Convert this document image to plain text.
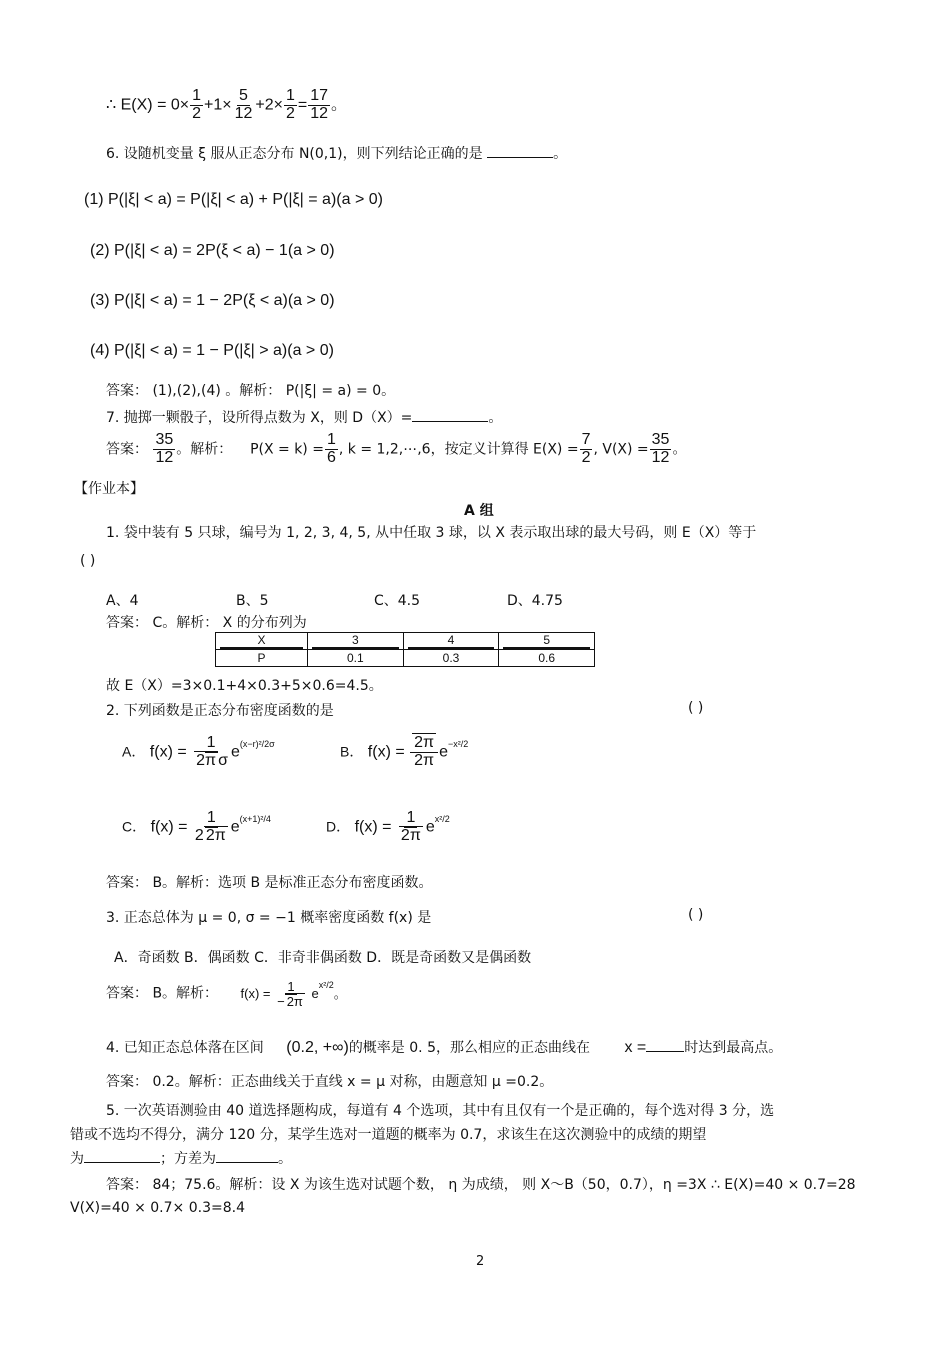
∴ $E(X) = 0\times \frac{1}{2} +1\times \frac{5}{12} +2\times \frac{1}{2} = \frac{17}{12}$ 。
6. 设随机变量 ξ 服从正态分布 N(0,1)，则下列结论正确的是	。
(1) P(|ξ| < a) = P(|ξ| < a) + P(|ξ| = a)(a > 0)
(2) P(|ξ| < a) = 2P(ξ < a) − 1(a > 0)
(3) P(|ξ| < a) = 1 − 2P(ξ < a)(a > 0)
(4) P(|ξ| < a) = 1 − P(|ξ| > a)(a > 0)
答案： (1),(2),(4) 。解析： P(|ξ| = a) = 0。
7. 抛掷一颗骰子，设所得点数为 X，则 D（X）=	。
答案： $\frac{35}{12}$ 。解析： $P(X = k) = \frac{1}{6}$ , k = 1,2,⋯,6，按定义计算得 $E(X) = \frac{7}{2}$ , $V(X) = \frac{35}{12}$ 。
【作业本】
A 组
1. 袋中装有 5 只球，编号为 1, 2, 3, 4, 5, 从中任取 3 球，以 X 表示取出球的最大号码，则 E（X）等于
( )
A、4	B、5	C、4.5	D、4.75
答案： C。解析： X 的分布列为
X	3	4	5

P	0.1	0.3	0.6
故 E（X）=3×0.1+4×0.3+5×0.6=4.5。
2. 下列函数是正态分布密度函数的是	( )
A． $f(x) = \frac{1}{\text{2π σ}} e^{(x-r)^2/2\sigma}$	B． $f(x) = \frac{2\pi}{2\pi} e^{-x^2/2}$
C． $f(x) = \frac{1}{2 2\pi} e^{(x+1)^2/4}$	D． $f(x) = \frac{1}{2\pi} e^{x^2/2}$
答案： B。解析：选项 B 是标准正态分布密度函数。
3. 正态总体为 μ = 0, σ = −1 概率密度函数 f(x) 是	( )
A．奇函数 B．偶函数 C．非奇非偶函数 D．既是奇函数又是偶函数
答案： B。解析： $f(x) = \frac{1}{- 2\pi} e^{x^2/2}$。
4. 已知正态总体落在区间 (0.2, +∞)的概率是 0. 5，那么相应的正态曲线在 x =	时达到最高点。
答案： 0.2。解析：正态曲线关于直线 x = μ 对称，由题意知 μ =0.2。
5. 一次英语测验由 40 道选择题构成，每道有 4 个选项，其中有且仅有一个是正确的，每个选对得 3 分，选
错或不选均不得分，满分 120 分，某学生选对一道题的概率为 0.7，求该生在这次测验中的成绩的期望
为	；方差为	。
答案： 84；75.6。解析：设 X 为该生选对试题个数， η 为成绩， 则 X～B（50，0.7），η =3X ∴ E(X)=40 × 0.7=28
V(X)=40 × 0.7× 0.3=8.4
2
